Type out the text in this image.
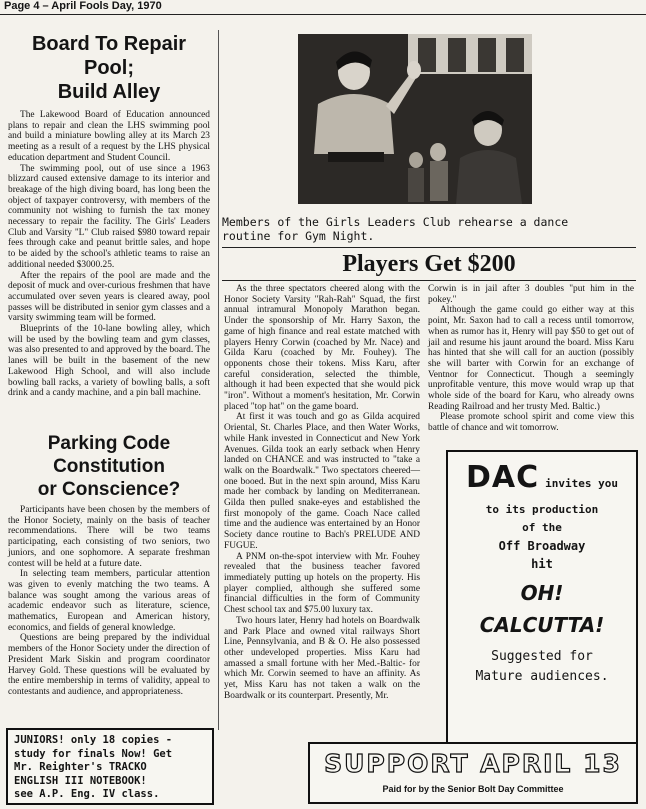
Page 4 – April Fools Day, 1970
Board To Repair Pool;
Build Alley

The Lakewood Board of Education announced plans to repair and clean the LHS swimming pool and build a miniature bowling alley at its March 23 meeting as a result of a request by the LHS physical education department and Student Council.

The swimming pool, out of use since a 1963 blizzard caused extensive damage to its interior and breakage of the high diving board, has long been the object of taxpayer controversy, with members of the community not wishing to furnish the tax money necessary to repair the facility. The Girls' Leaders Club and Varsity "L" Club raised $980 toward repair fees through cake and peanut brittle sales, and hope to be aided by the school's athletic teams to raise an additional needed $3000.25.

After the repairs of the pool are made and the deposit of muck and over-curious freshmen that have accumulated over seven years is cleared away, pool passes will be distributed in senior gym classes and a varsity swimming team will be formed.

Blueprints of the 10-lane bowling alley, which will be used by the bowling team and gym classes, was also presented to and approved by the board. The lanes will be built in the basement of the new Lakewood High School, and will also include bowling ball racks, a variety of bowling balls, a soft drink and a candy machine, and a pin ball machine.

Parking Code
Constitution
or Conscience?

Participants have been chosen by the members of the Honor Society, mainly on the basis of teacher recommendations. There will be two teams participating, each consisting of two seniors, two juniors, and one sophomore. A separate freshman contest will be held at a future date.

In selecting team members, particular attention was given to evenly matching the two teams. A balance was sought among the various areas of academic endeavor such as literature, science, mathematics, European and American history, economics, and fields of general knowledge.

Questions are being prepared by the individual members of the Honor Society under the direction of President Mark Siskin and program coordinator Harvey Gold. These questions will be evaluated by the entire membership in terms of validity, appeal to contestants and audience, and appropriateness.

JUNIORS! only 18 copies -
study for finals Now! Get
Mr. Reighter's TRACKO
ENGLISH III NOTEBOOK!
see A.P. Eng. IV class.
Members of the Girls Leaders Club rehearse a dance
routine for Gym Night.
Players Get $200

As the three spectators cheered along with the Honor Society Varsity "Rah-Rah" Squad, the first annual intramural Monopoly Marathon began. Under the sponsorship of Mr. Harry Saxon, the game of high finance and real estate matched with players Henry Corwin (coached by Mr. Nace) and Gilda Karu (coached by Mr. Fouhey). The opponents chose their tokens. Miss Karu, after careful consideration, selected the thimble, although it had been expected that she would pick "iron". Without a moment's hesitation, Mr. Corwin placed "top hat" on the game board.

At first it was touch and go as Gilda acquired Oriental, St. Charles Place, and then Water Works, while Hank invested in Connecticut and New York Avenues. Gilda took an early setback when Henry landed on CHANCE and was instructed to "take a walk on the Boardwalk." Two spectators cheered— one booed. But in the next spin around, Miss Karu made her comback by landing on Mediterranean. Gilda then pulled snake-eyes and established the first monopoly of the game. Coach Nace called time and the audience was entertained by an Honor Society dance routine to Bach's PRELUDE AND FUGUE.

A PNM on-the-spot interview with Mr. Fouhey revealed that the business teacher favored immediately putting up hotels on the property. His player complied, although she suffered some financial difficulties in the form of Community Chest school tax and $75.00 luxury tax.

Two hours later, Henry had hotels on Boardwalk and Park Place and owned vital railways Short Line, Pennsylvania, and B & O. He also possessed other undeveloped properties. Miss Karu had amassed a small fortune with her Med.-Baltic- for which Mr. Corwin seemed to have an affinity. As yet, Miss Karu has not taken a walk on the Boardwalk or its counterpart. Presently, Mr.

Corwin is in jail after 3 doubles "put him in the pokey."

Although the game could go either way at this point, Mr. Saxon had to call a recess until tomorrow, when as rumor has it, Henry will pay $50 to get out of jail and resume his jaunt around the board. Miss Karu has hinted that she will call for an auction (possibly she will barter with Corwin for an exchange of Ventnor for Connecticut. Though a seemingly unprofitable venture, this move would wrap up that whole side of the board for Karu, who already owns Reading Railroad and her trusty Med. Baltic.)

Please promote school spirit and come view this battle of chance and wit tomorrow.

DAC invites you
to its production
of the
Off Broadway
hit
OH!
CALCUTTA!
Suggested for
Mature audiences.
SUPPORT APRIL 13
Paid for by the Senior Bolt Day Committee
